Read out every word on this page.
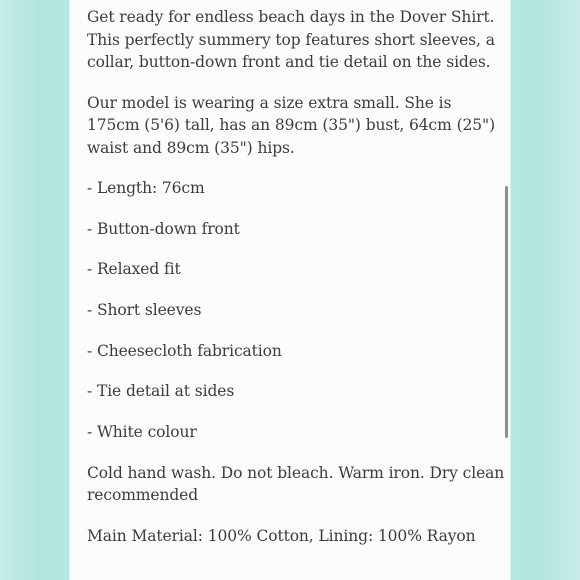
Get ready for endless beach days in the Dover Shirt. This perfectly summery top features short sleeves, a collar, button-down front and tie detail on the sides.

Our model is wearing a size extra small. She is 175cm (5'6) tall, has an 89cm (35") bust, 64cm (25") waist and 89cm (35") hips.

- Length: 76cm
- Button-down front
- Relaxed fit
- Short sleeves
- Cheesecloth fabrication
- Tie detail at sides
- White colour

Cold hand wash. Do not bleach. Warm iron. Dry clean recommended

Main Material: 100% Cotton, Lining: 100% Rayon
